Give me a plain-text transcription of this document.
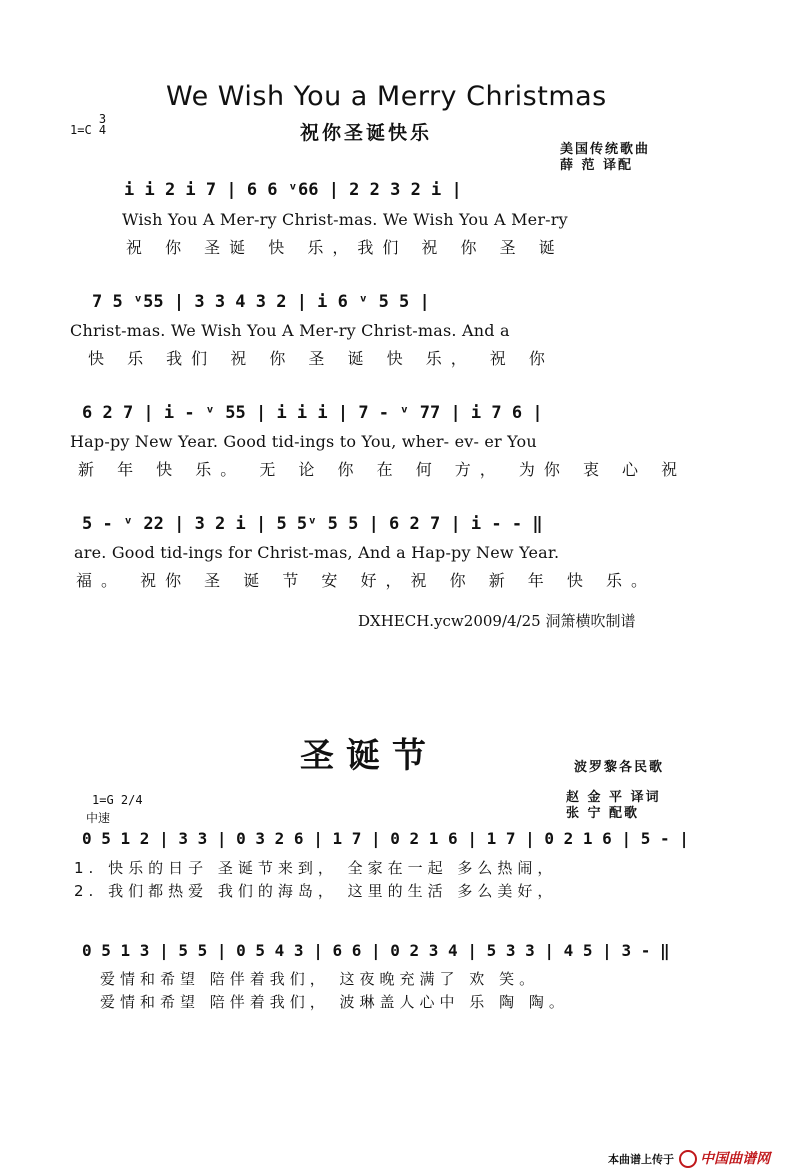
1=C 3
4
We Wish You a Merry Christmas
祝你圣诞快乐
美国传统歌曲
薛 范 译配
i i 2 i 7 | 6 6 ᵛ66 | 2 2 3 2 i |
Wish You A Mer-ry Christ-mas. We Wish You A Mer-ry
祝 你 圣诞 快 乐，我们 祝 你 圣 诞
7 5 ᵛ55 | 3 3 4 3 2 | i 6 ᵛ 5 5 |
Christ-mas. We Wish You A Mer-ry Christ-mas. And a
快 乐 我们 祝 你 圣 诞 快 乐， 祝 你
6 2 7 | i - ᵛ 55 | i i i | 7 - ᵛ 77 | i 7 6 |
Hap-py New Year. Good tid-ings to You, wher- ev- er You
新 年 快 乐。 无 论 你 在 何 方， 为你 衷 心 祝
5 - ᵛ 22 | 3 2 i | 5 5ᵛ 5 5 | 6 2 7 | i - - ‖
are. Good tid-ings for Christ-mas, And a Hap-py New Year.
福。 祝你 圣 诞 节 安 好，祝 你 新 年 快 乐。
DXHECH.ycw2009/4/25 洞箫横吹制谱
圣诞节	波罗黎各民歌
1=G 2/4
中速
赵 金 平 译词
张 宁 配歌
0 5 1 2 | 3 3 | 0 3 2 6 | 1 7 | 0 2 1 6 | 1 7 | 0 2 1 6 | 5 - |
1. 快乐的日子 圣诞节来到， 全家在一起 多么热闹，
2. 我们都热爱 我们的海岛， 这里的生活 多么美好，
0 5 1 3 | 5 5 | 0 5 4 3 | 6 6 | 0 2 3 4 | 5 3 3 | 4 5 | 3 - ‖
爱情和希望 陪伴着我们， 这夜晚充满了 欢 笑。
爱情和希望 陪伴着我们， 波琳盖人心中 乐 陶 陶。
本曲谱上传于 中国曲谱网
